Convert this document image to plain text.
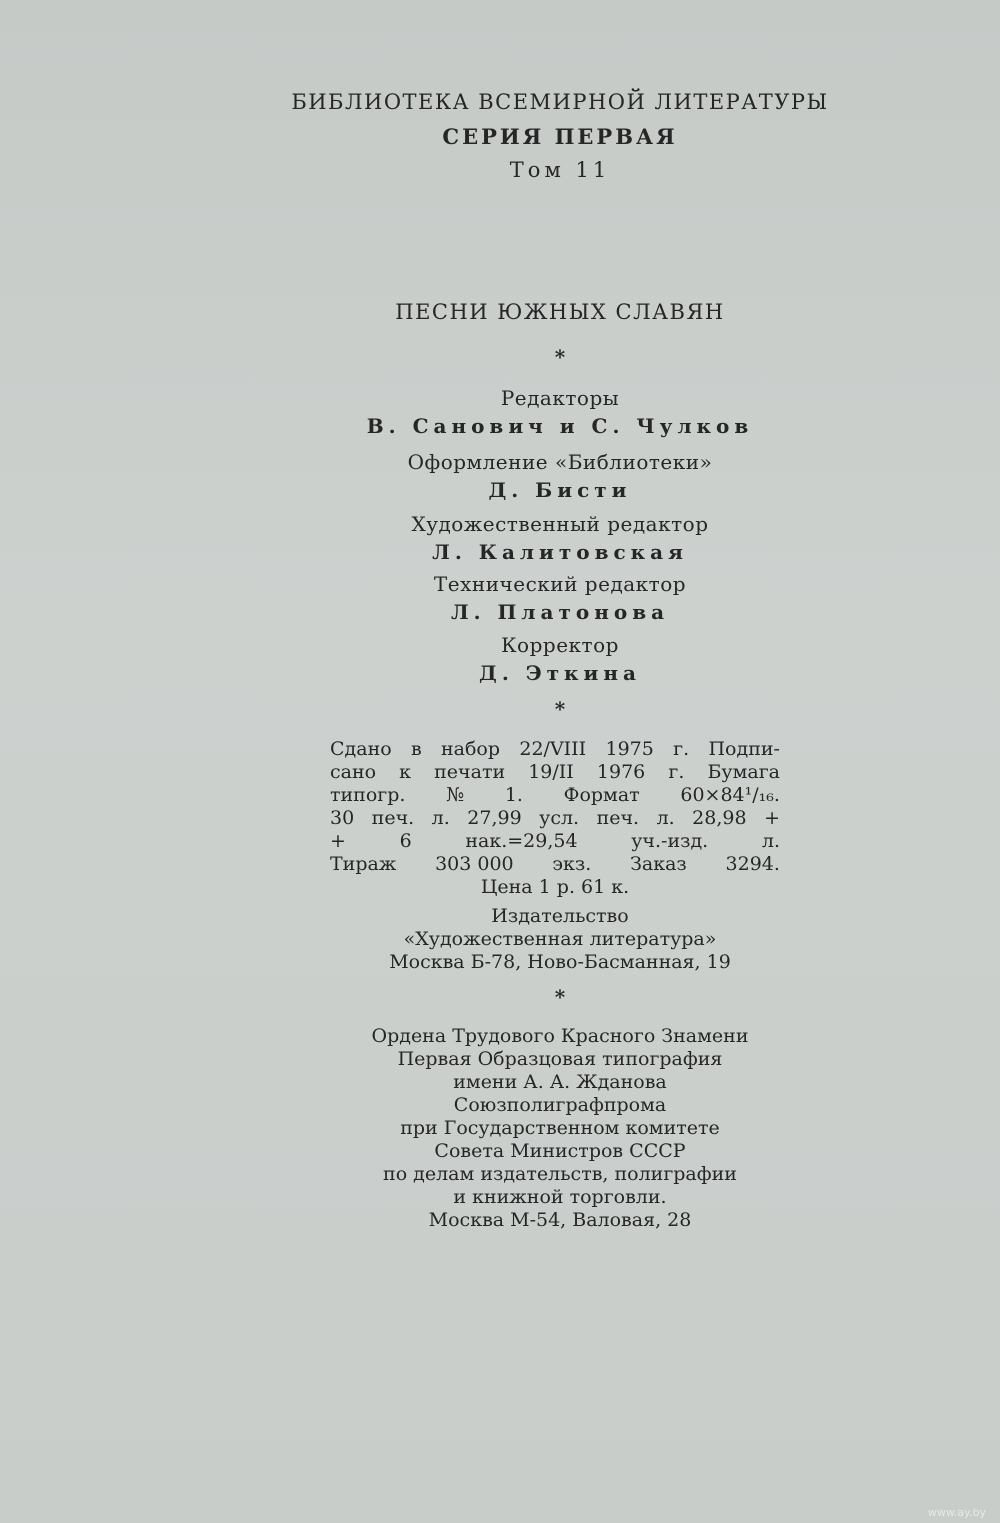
БИБЛИОТЕКА ВСЕМИРНОЙ ЛИТЕРАТУРЫ

СЕРИЯ ПЕРВАЯ

Том 11

ПЕСНИ ЮЖНЫХ СЛАВЯН

*

Редакторы

В. Санович и С. Чулков

Оформление «Библиотеки»

Д. Бисти

Художественный редактор

Л. Калитовская

Технический редактор

Л. Платонова

Корректор

Д. Эткина

*

Сдано в набор 22/VIII 1975 г. Подпи-
сано к печати 19/II 1976 г. Бумага
типогр. № 1. Формат 60×84¹/₁₆.
30 печ. л. 27,99 усл. печ. л. 28,98 +
+	6	нак.=29,54	уч.-изд.	л.
Тираж 303 000 экз. Заказ 3294.
Цена 1 р. 61 к.
Издательство
«Художественная литература»
Москва Б-78, Ново-Басманная, 19

*

Ордена Трудового Красного Знамени
Первая Образцовая типография
имени А. А. Жданова
Союзполиграфпрома
при Государственном комитете
Совета Министров СССР
по делам издательств, полиграфии
и книжной торговли.
Москва М-54, Валовая, 28
www.ay.by
